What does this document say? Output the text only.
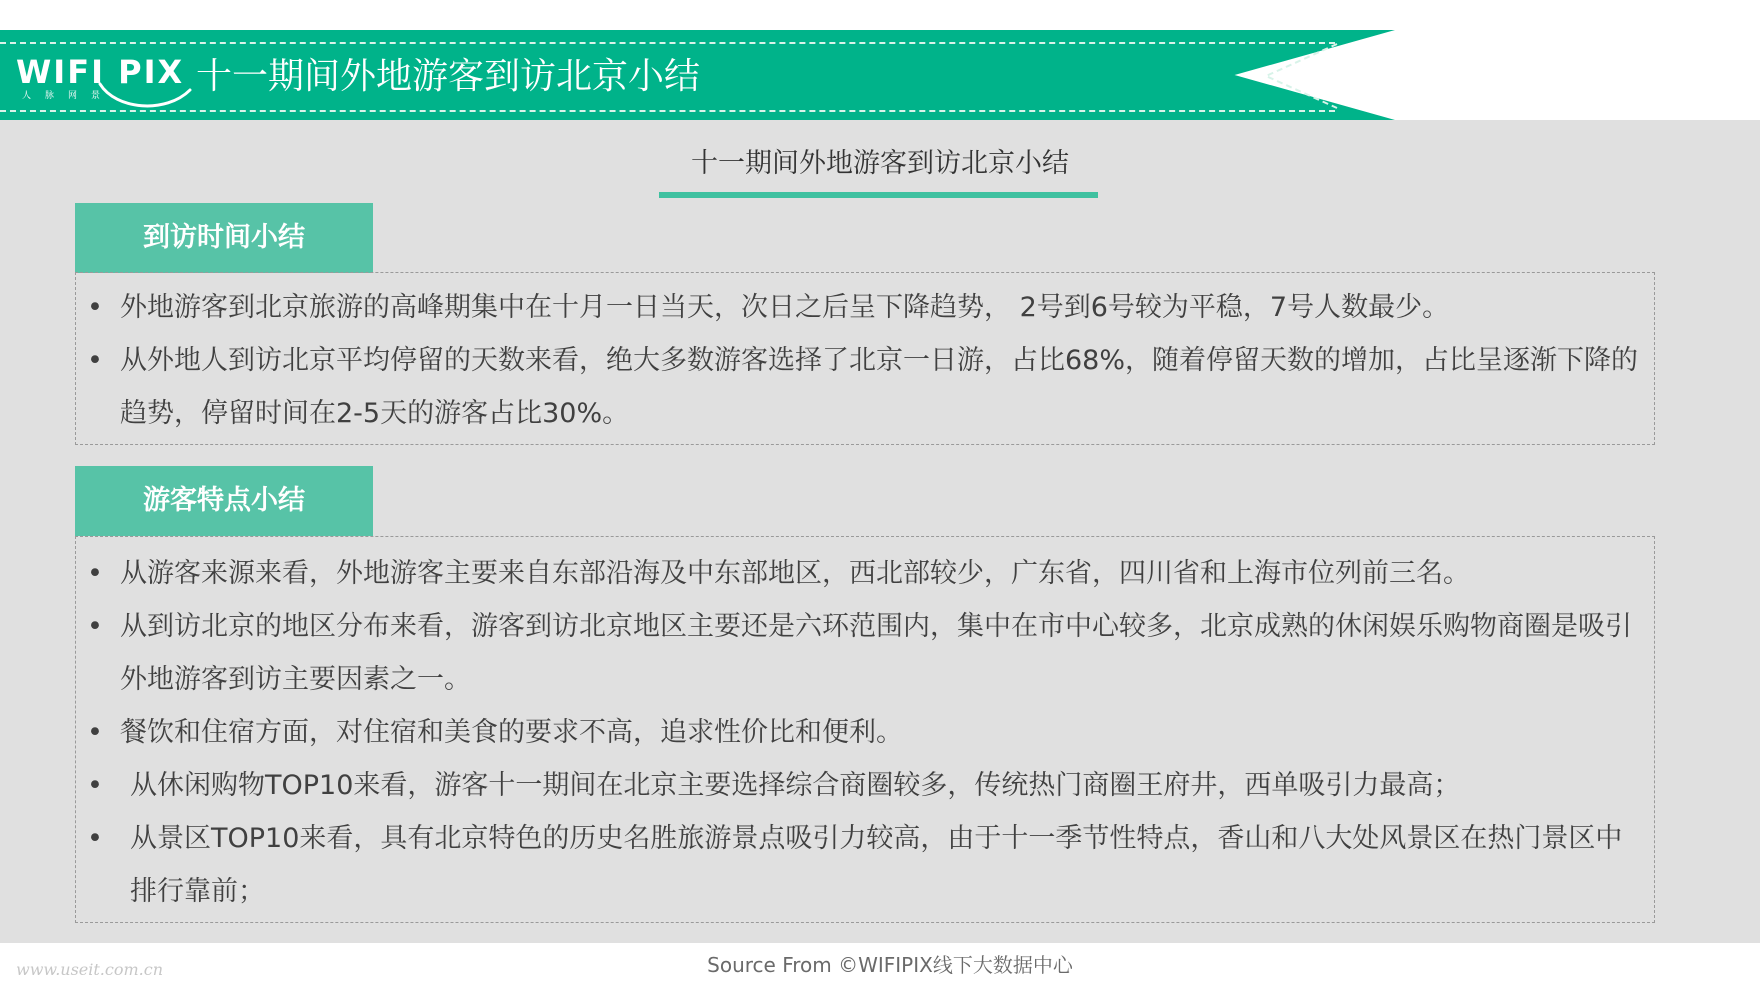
WIFI PIX
人脉网景 十一期间外地游客到访北京小结
十一期间外地游客到访北京小结
到访时间小结
• 外地游客到北京旅游的高峰期集中在十月一日当天，次日之后呈下降趋势， 2号到6号较为平稳，7号人数最少。
• 从外地人到访北京平均停留的天数来看，绝大多数游客选择了北京一日游，占比68%，随着停留天数的增加，占比呈逐渐下降的趋势，停留时间在2-5天的游客占比30%。
游客特点小结
• 从游客来源来看，外地游客主要来自东部沿海及中东部地区，西北部较少，广东省，四川省和上海市位列前三名。
• 从到访北京的地区分布来看，游客到访北京地区主要还是六环范围内，集中在市中心较多，北京成熟的休闲娱乐购物商圈是吸引外地游客到访主要因素之一。
• 餐饮和住宿方面，对住宿和美食的要求不高，追求性价比和便利。
• 从休闲购物TOP10来看，游客十一期间在北京主要选择综合商圈较多，传统热门商圈王府井，西单吸引力最高；
• 从景区TOP10来看，具有北京特色的历史名胜旅游景点吸引力较高，由于十一季节性特点，香山和八大处风景区在热门景区中排行靠前；
Source From ©WIFIPIX线下大数据中心
www.useit.com.cn
